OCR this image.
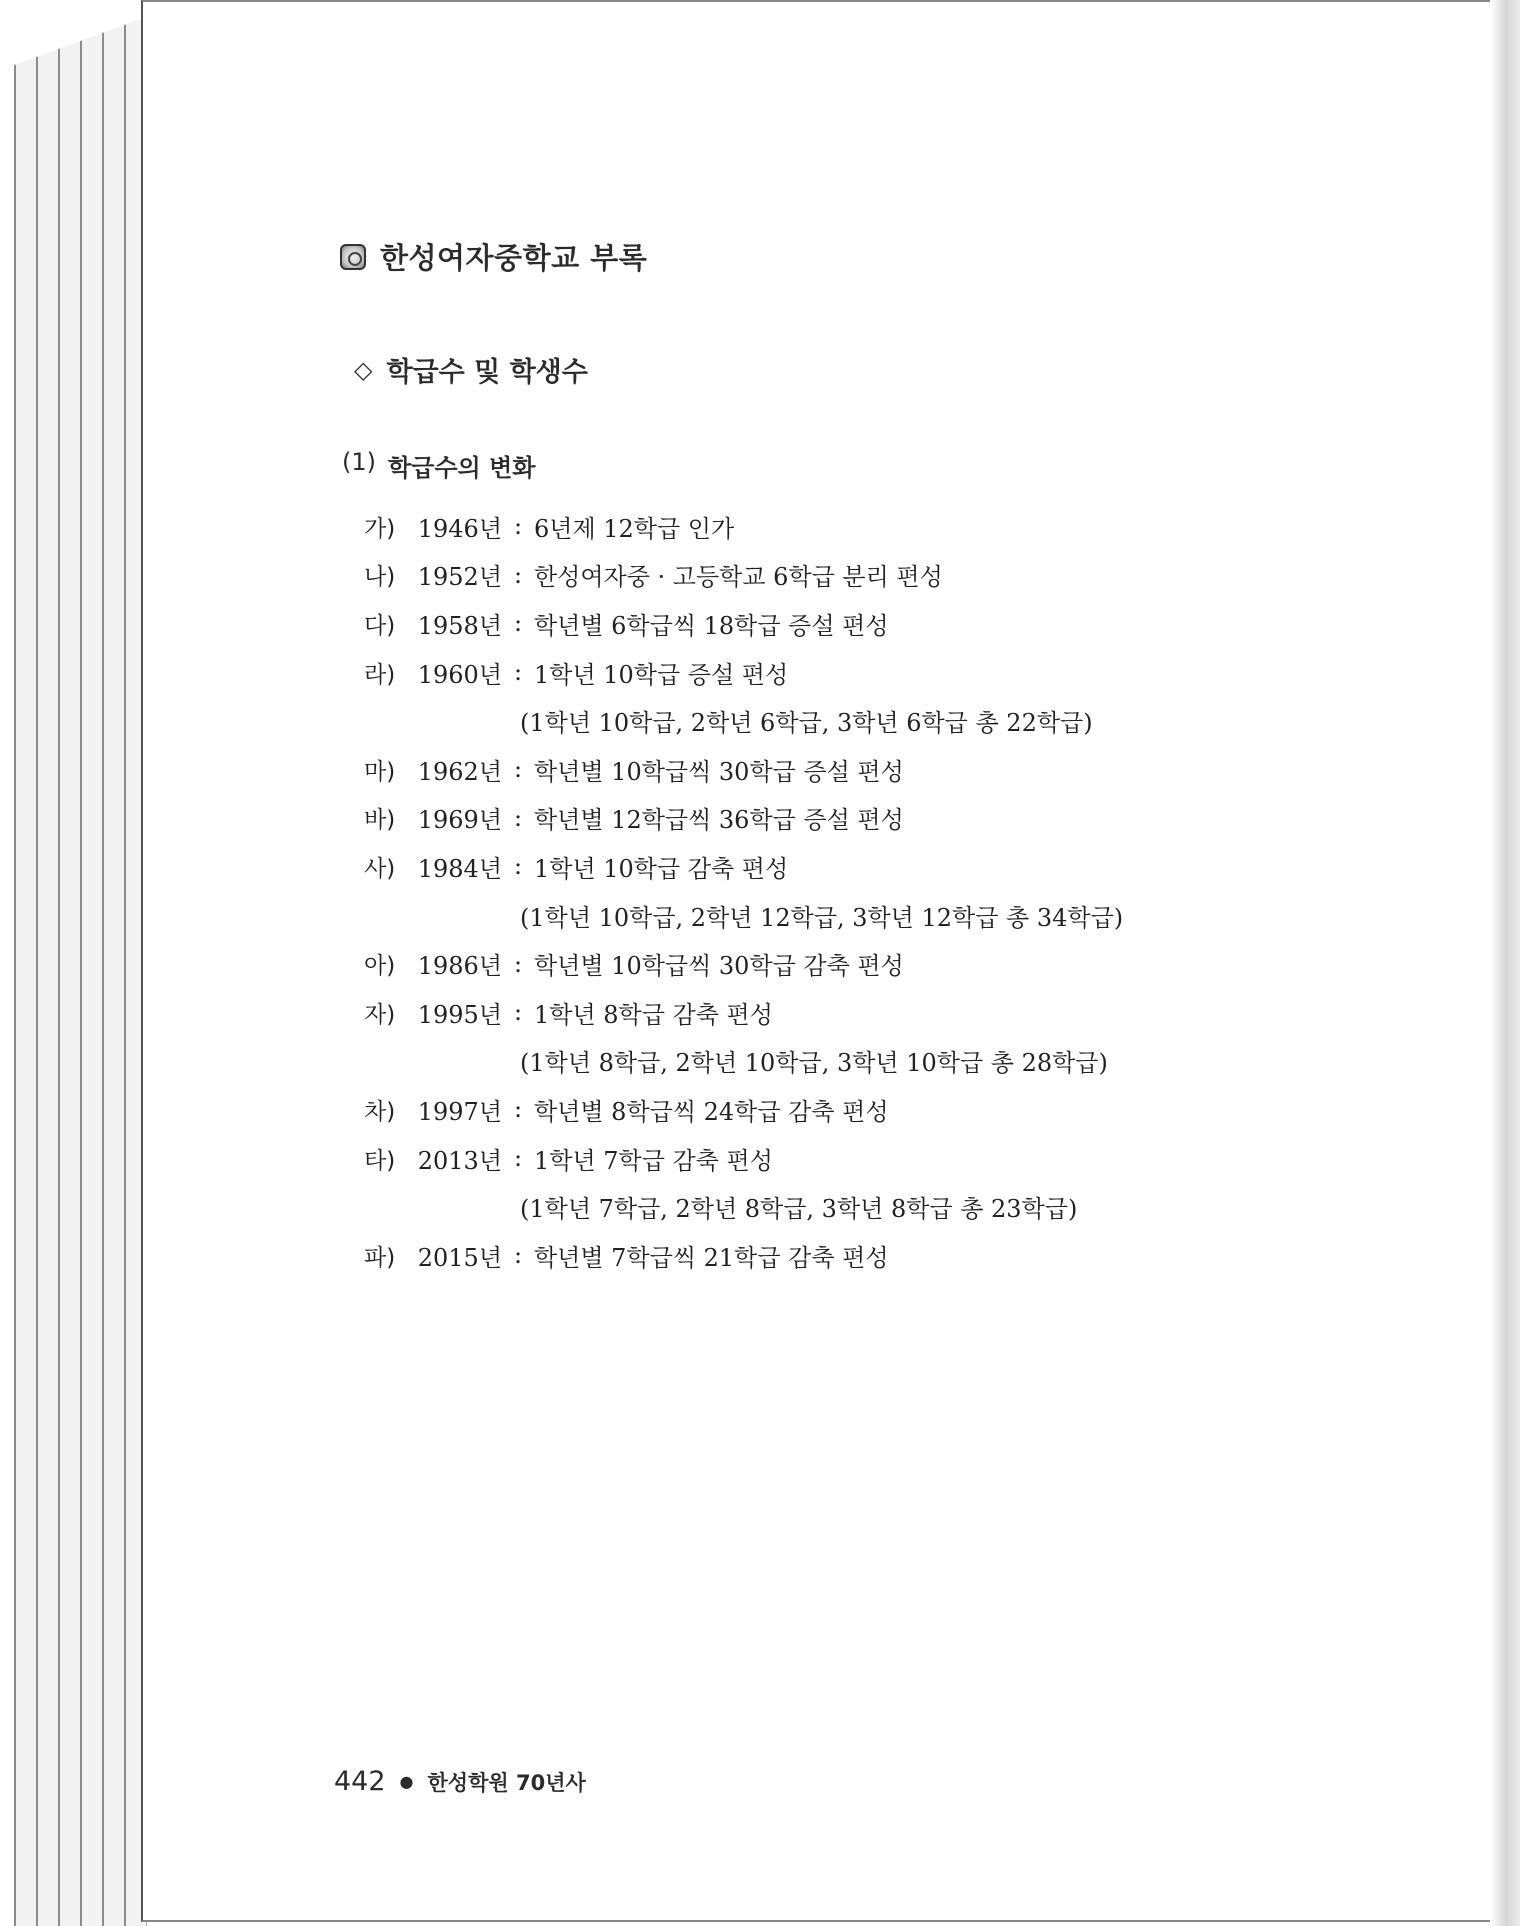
한성여자중학교 부록
◇ 학급수 및 학생수
(1) 학급수의 변화
가) 1946년 : 6년제 12학급 인가
나) 1952년 : 한성여자중 · 고등학교 6학급 분리 편성
다) 1958년 : 학년별 6학급씩 18학급 증설 편성
라) 1960년 : 1학년 10학급 증설 편성
(1학년 10학급, 2학년 6학급, 3학년 6학급 총 22학급)
마) 1962년 : 학년별 10학급씩 30학급 증설 편성
바) 1969년 : 학년별 12학급씩 36학급 증설 편성
사) 1984년 : 1학년 10학급 감축 편성
(1학년 10학급, 2학년 12학급, 3학년 12학급 총 34학급)
아) 1986년 : 학년별 10학급씩 30학급 감축 편성
자) 1995년 : 1학년 8학급 감축 편성
(1학년 8학급, 2학년 10학급, 3학년 10학급 총 28학급)
차) 1997년 : 학년별 8학급씩 24학급 감축 편성
타) 2013년 : 1학년 7학급 감축 편성
(1학년 7학급, 2학년 8학급, 3학년 8학급 총 23학급)
파) 2015년 : 학년별 7학급씩 21학급 감축 편성
442 ● 한성학원 70년사
